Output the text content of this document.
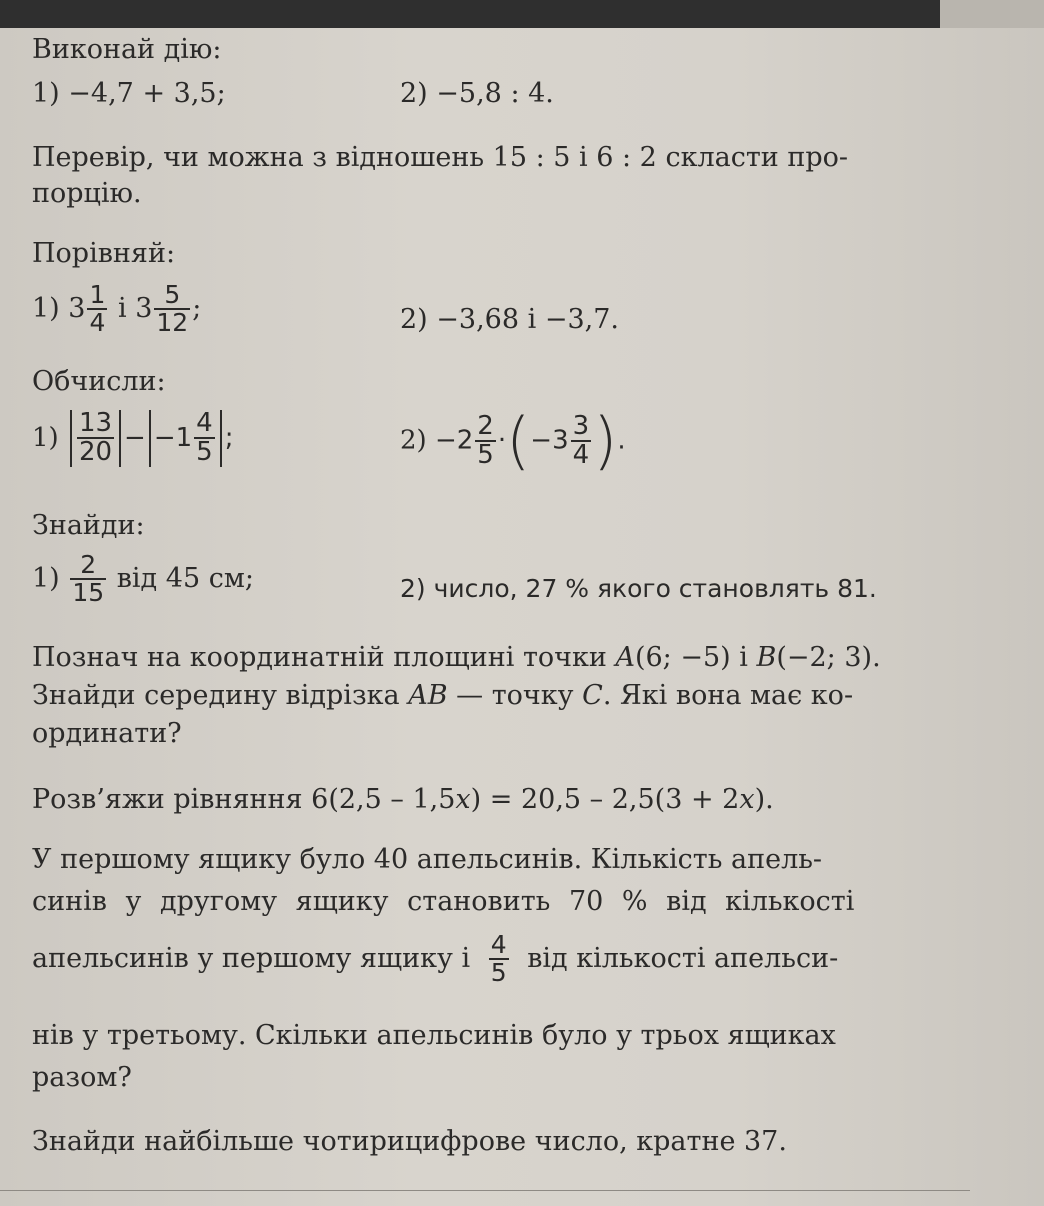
Виконай дію:
1) −4,7 + 3,5;	2) −5,8 : 4.
Перевір, чи можна з відношень 15 : 5 і 6 : 2 скласти про-
порцію.
Порівняй:
1) $3 \frac{1}{4}$ і $3 \frac{5}{12}$ ;	2) −3,68 і −3,7.
Обчисли:
$1) \frac{13}{20} - -1 \frac{4}{5}$ ;	$2) -2 \frac{2}{5} \cdot(-3 \frac{3}{4}$ ).
Знайди:
$1) \frac{2}{15}$ від 45 см;	2) число, 27 % якого становлять 81.
Познач на координатній площині точки A(6; −5) і B(−2; 3).
Знайди середину відрізка AB — точку C. Які вона має ко-
ординати?
Розв’яжи рівняння 6(2,5 – 1,5x) = 20,5 – 2,5(3 + 2x).
У першому ящику було 40 апельсинів. Кількість апель-
синів у другому ящику становить 70 % від кількості
апельсинів у першому ящику і $\frac{4}{5}$ від кількості апельси-
нів у третьому. Скільки апельсинів було у трьох ящиках
разом?
Знайди найбільше чотирицифрове число, кратне 37.
